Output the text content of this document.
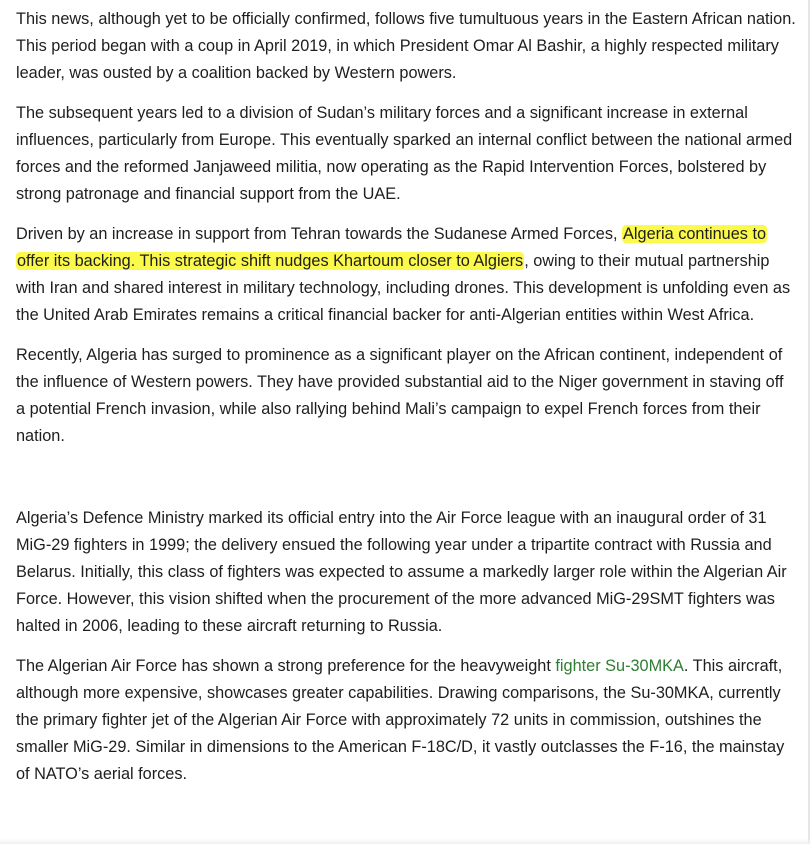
This news, although yet to be officially confirmed, follows five tumultuous years in the Eastern African nation. This period began with a coup in April 2019, in which President Omar Al Bashir, a highly respected military leader, was ousted by a coalition backed by Western powers.

The subsequent years led to a division of Sudan’s military forces and a significant increase in external influences, particularly from Europe. This eventually sparked an internal conflict between the national armed forces and the reformed Janjaweed militia, now operating as the Rapid Intervention Forces, bolstered by strong patronage and financial support from the UAE.

Driven by an increase in support from Tehran towards the Sudanese Armed Forces, Algeria continues to offer its backing. This strategic shift nudges Khartoum closer to Algiers, owing to their mutual partnership with Iran and shared interest in military technology, including drones. This development is unfolding even as the United Arab Emirates remains a critical financial backer for anti-Algerian entities within West Africa.

Recently, Algeria has surged to prominence as a significant player on the African continent, independent of the influence of Western powers. They have provided substantial aid to the Niger government in staving off a potential French invasion, while also rallying behind Mali’s campaign to expel French forces from their nation.

Algeria’s Defence Ministry marked its official entry into the Air Force league with an inaugural order of 31 MiG-29 fighters in 1999; the delivery ensued the following year under a tripartite contract with Russia and Belarus. Initially, this class of fighters was expected to assume a markedly larger role within the Algerian Air Force. However, this vision shifted when the procurement of the more advanced MiG-29SMT fighters was halted in 2006, leading to these aircraft returning to Russia.

The Algerian Air Force has shown a strong preference for the heavyweight fighter Su-30MKA. This aircraft, although more expensive, showcases greater capabilities. Drawing comparisons, the Su-30MKA, currently the primary fighter jet of the Algerian Air Force with approximately 72 units in commission, outshines the smaller MiG-29. Similar in dimensions to the American F-18C/D, it vastly outclasses the F-16, the mainstay of NATO’s aerial forces.
